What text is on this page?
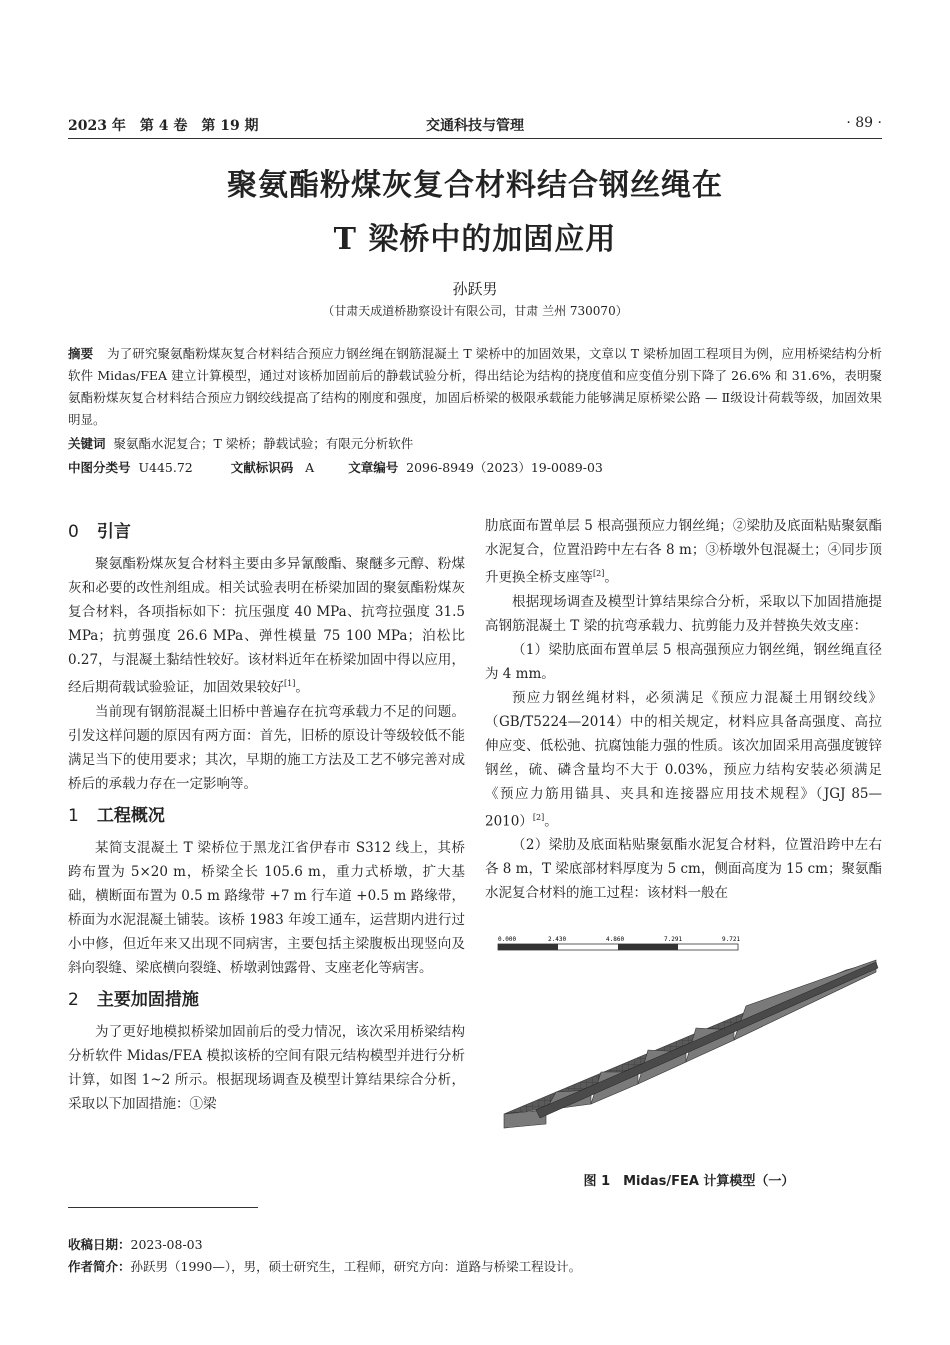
2023 年　第 4 卷　第 19 期	交通科技与管理	· 89 ·
聚氨酯粉煤灰复合材料结合钢丝绳在
T 梁桥中的加固应用
孙跃男
（甘肃天成道桥勘察设计有限公司，甘肃 兰州 730070）
摘要 为了研究聚氨酯粉煤灰复合材料结合预应力钢丝绳在钢筋混凝土 T 梁桥中的加固效果，文章以 T 梁桥加固工程项目为例，应用桥梁结构分析软件 Midas/FEA 建立计算模型，通过对该桥加固前后的静载试验分析，得出结论为结构的挠度值和应变值分别下降了 26.6% 和 31.6%，表明聚氨酯粉煤灰复合材料结合预应力钢绞线提高了结构的刚度和强度，加固后桥梁的极限承载能力能够满足原桥梁公路 — Ⅱ级设计荷载等级，加固效果明显。
关键词 聚氨酯水泥复合；T 梁桥；静载试验；有限元分析软件
中图分类号 U445.72	文献标识码 A	文章编号 2096-8949（2023）19-0089-03
0 引言

聚氨酯粉煤灰复合材料主要由多异氰酸酯、聚醚多元醇、粉煤灰和必要的改性剂组成。相关试验表明在桥梁加固的聚氨酯粉煤灰复合材料，各项指标如下：抗压强度 40 MPa、抗弯拉强度 31.5 MPa；抗剪强度 26.6 MPa、弹性模量 75 100 MPa；泊松比 0.27，与混凝土黏结性较好。该材料近年在桥梁加固中得以应用，经后期荷载试验验证，加固效果较好[1]。

当前现有钢筋混凝土旧桥中普遍存在抗弯承载力不足的问题。引发这样问题的原因有两方面：首先，旧桥的原设计等级较低不能满足当下的使用要求；其次，早期的施工方法及工艺不够完善对成桥后的承载力存在一定影响等。

1 工程概况

某简支混凝土 T 梁桥位于黑龙江省伊春市 S312 线上，其桥跨布置为 5×20 m，桥梁全长 105.6 m，重力式桥墩，扩大基础，横断面布置为 0.5 m 路缘带 +7 m 行车道 +0.5 m 路缘带，桥面为水泥混凝土铺装。该桥 1983 年竣工通车，运营期内进行过小中修，但近年来又出现不同病害，主要包括主梁腹板出现竖向及斜向裂缝、梁底横向裂缝、桥墩剥蚀露骨、支座老化等病害。

2 主要加固措施

为了更好地模拟桥梁加固前后的受力情况，该次采用桥梁结构分析软件 Midas/FEA 模拟该桥的空间有限元结构模型并进行分析计算，如图 1~2 所示。根据现场调查及模型计算结果综合分析，采取以下加固措施：①梁

肋底面布置单层 5 根高强预应力钢丝绳；②梁肋及底面粘贴聚氨酯水泥复合，位置沿跨中左右各 8 m；③桥墩外包混凝土；④同步顶升更换全桥支座等[2]。

根据现场调查及模型计算结果综合分析，采取以下加固措施提高钢筋混凝土 T 梁的抗弯承载力、抗剪能力及并替换失效支座：

（1）梁肋底面布置单层 5 根高强预应力钢丝绳，钢丝绳直径为 4 mm。

预应力钢丝绳材料，必须满足《预应力混凝土用钢绞线》（GB/T5224—2014）中的相关规定，材料应具备高强度、高拉伸应变、低松弛、抗腐蚀能力强的性质。该次加固采用高强度镀锌钢丝，硫、磷含量均不大于 0.03%，预应力结构安装必须满足《预应力筋用锚具、夹具和连接器应用技术规程》（JGJ 85—2010）[2]。

（2）梁肋及底面粘贴聚氨酯水泥复合材料，位置沿跨中左右各 8 m，T 梁底部材料厚度为 5 cm，侧面高度为 15 cm；聚氨酯水泥复合材料的施工过程：该材料一般在

0.000	2.430	4.860	7.291	9.721
图 1　Midas/FEA 计算模型（一）
收稿日期：2023-08-03
作者简介：孙跃男（1990—），男，硕士研究生，工程师，研究方向：道路与桥梁工程设计。
